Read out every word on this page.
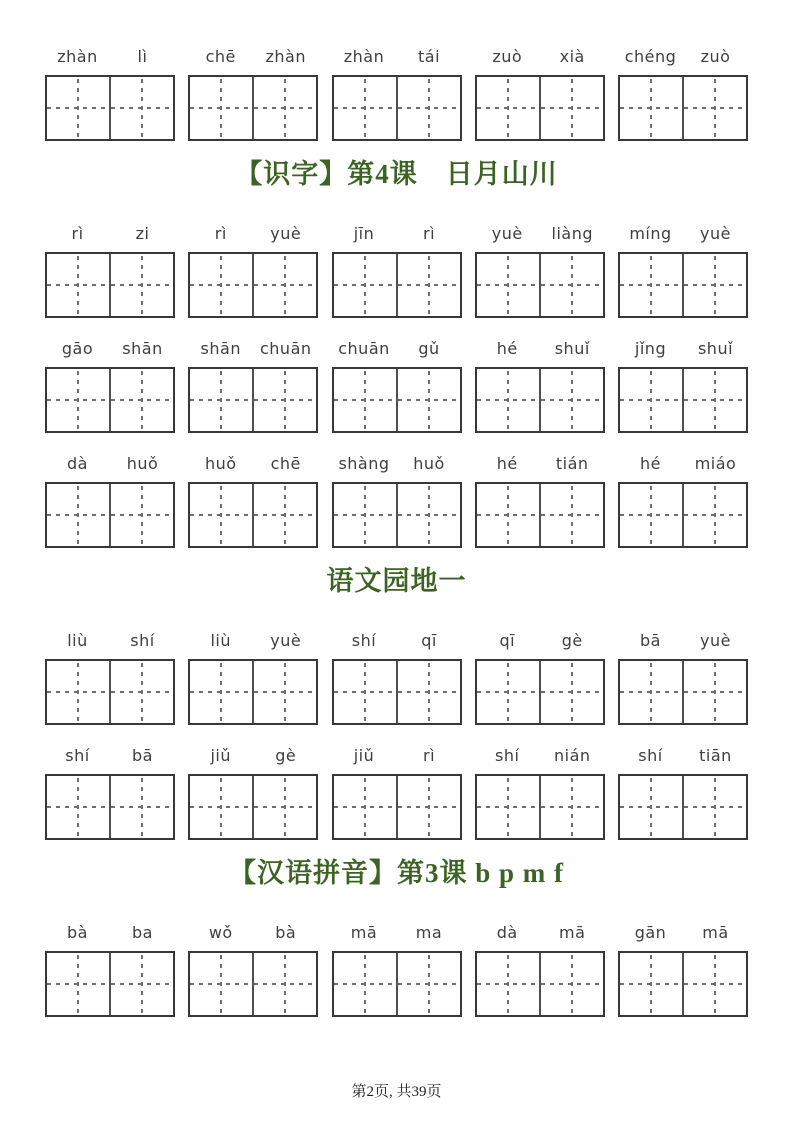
zhàn	lì	chē	zhàn	zhàn	tái	zuò	xià	chéng	zuò
【识字】第4课　日月山川
rì	zi	rì	yuè	jīn	rì	yuè	liàng	míng	yuè
gāo	shān	shān	chuān	chuān	gǔ	hé	shuǐ	jǐng	shuǐ
dà	huǒ	huǒ	chē	shàng	huǒ	hé	tián	hé	miáo
语文园地一
liù	shí	liù	yuè	shí	qī	qī	gè	bā	yuè
shí	bā	jiǔ	gè	jiǔ	rì	shí	nián	shí	tiān
【汉语拼音】第3课 b p m f
bà	ba	wǒ	bà	mā	ma	dà	mā	gān	mā
第2页, 共39页
